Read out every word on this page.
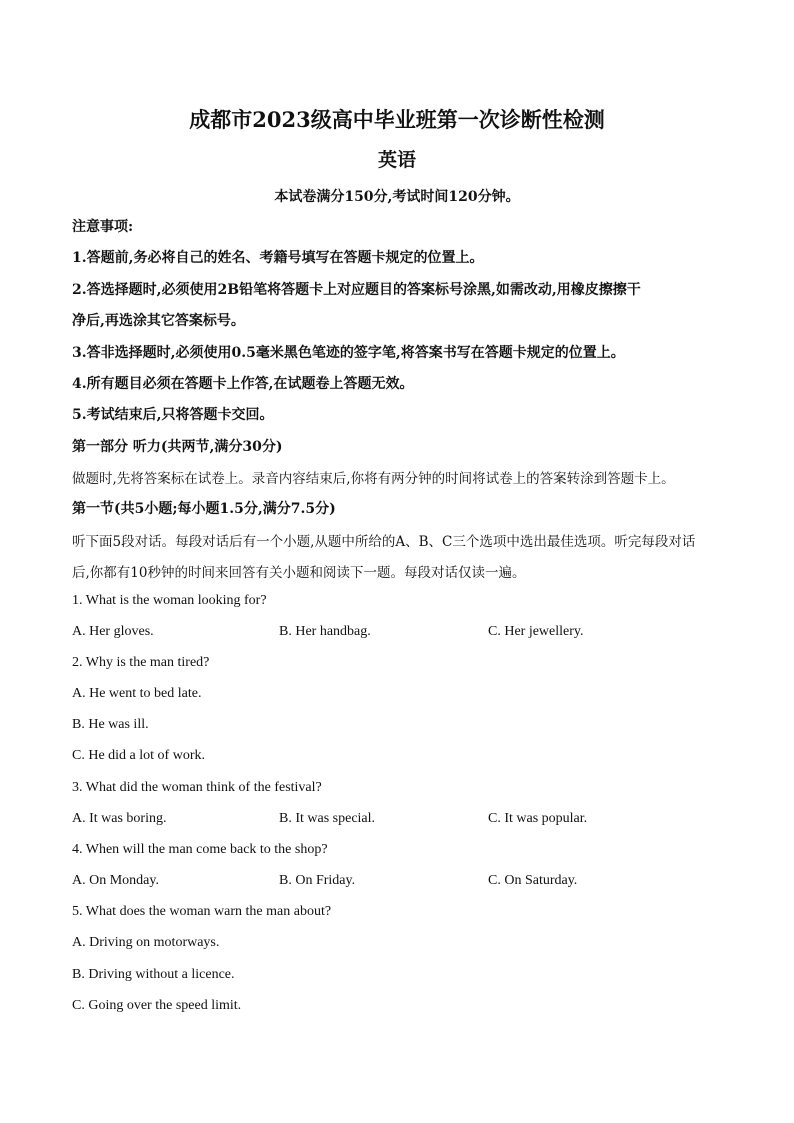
成都市2023级高中毕业班第一次诊断性检测
英语
本试卷满分150分,考试时间120分钟。
注意事项:
1.答题前,务必将自己的姓名、考籍号填写在答题卡规定的位置上。
2.答选择题时,必须使用2B铅笔将答题卡上对应题目的答案标号涂黑,如需改动,用橡皮擦擦干
净后,再选涂其它答案标号。
3.答非选择题时,必须使用0.5毫米黑色笔迹的签字笔,将答案书写在答题卡规定的位置上。
4.所有题目必须在答题卡上作答,在试题卷上答题无效。
5.考试结束后,只将答题卡交回。
第一部分 听力(共两节,满分30分)
做题时,先将答案标在试卷上。录音内容结束后,你将有两分钟的时间将试卷上的答案转涂到答题卡上。
第一节(共5小题;每小题1.5分,满分7.5分)
听下面5段对话。每段对话后有一个小题,从题中所给的A、B、C三个选项中选出最佳选项。听完每段对话
后,你都有10秒钟的时间来回答有关小题和阅读下一题。每段对话仅读一遍。
1. What is the woman looking for?
A. Her gloves.	B. Her handbag.	C. Her jewellery.
2. Why is the man tired?
A. He went to bed late.
B. He was ill.
C. He did a lot of work.
3. What did the woman think of the festival?
A. It was boring.	B. It was special.	C. It was popular.
4. When will the man come back to the shop?
A. On Monday.	B. On Friday.	C. On Saturday.
5. What does the woman warn the man about?
A. Driving on motorways.
B. Driving without a licence.
C. Going over the speed limit.
